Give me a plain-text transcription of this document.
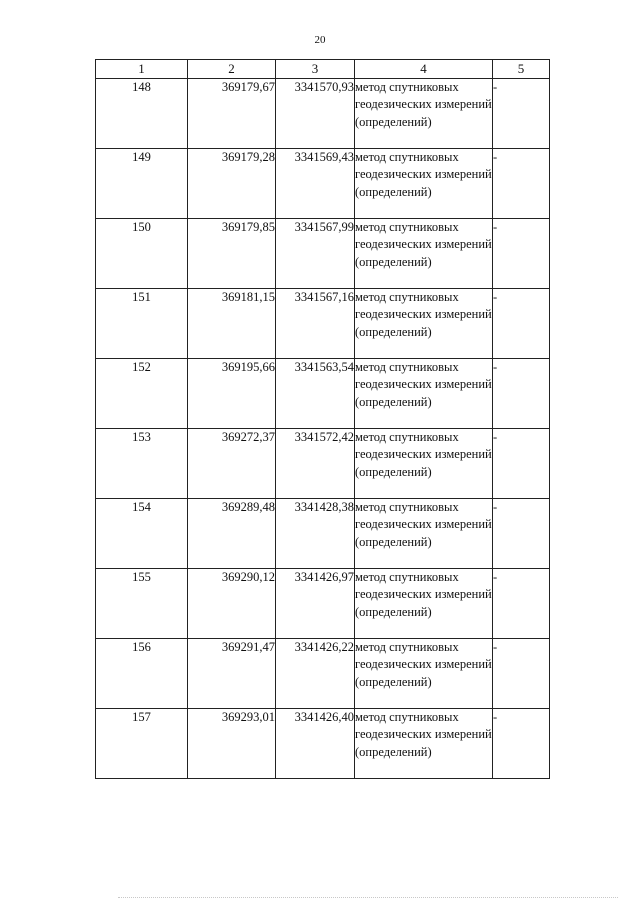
20
1	2	3	4	5
148	369179,67	3341570,93	метод спутниковых геодезических измерений (определений)	-
149	369179,28	3341569,43	метод спутниковых геодезических измерений (определений)	-
150	369179,85	3341567,99	метод спутниковых геодезических измерений (определений)	-
151	369181,15	3341567,16	метод спутниковых геодезических измерений (определений)	-
152	369195,66	3341563,54	метод спутниковых геодезических измерений (определений)	-
153	369272,37	3341572,42	метод спутниковых геодезических измерений (определений)	-
154	369289,48	3341428,38	метод спутниковых геодезических измерений (определений)	-
155	369290,12	3341426,97	метод спутниковых геодезических измерений (определений)	-
156	369291,47	3341426,22	метод спутниковых геодезических измерений (определений)	-
157	369293,01	3341426,40	метод спутниковых геодезических измерений (определений)	-
